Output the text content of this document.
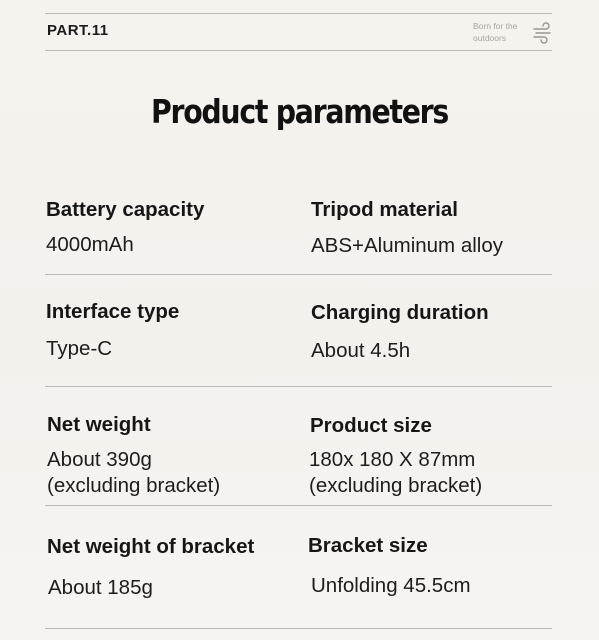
PART.11	Born for the
outdoors
Product parameters
Battery capacity
4000mAh
Tripod material
ABS+Aluminum alloy
Interface type
Type-C
Charging duration
About 4.5h
Net weight
About 390g
(excluding bracket)
Product size
180x 180 X 87mm
(excluding bracket)
Net weight of bracket
About 185g
Bracket size
Unfolding 45.5cm
